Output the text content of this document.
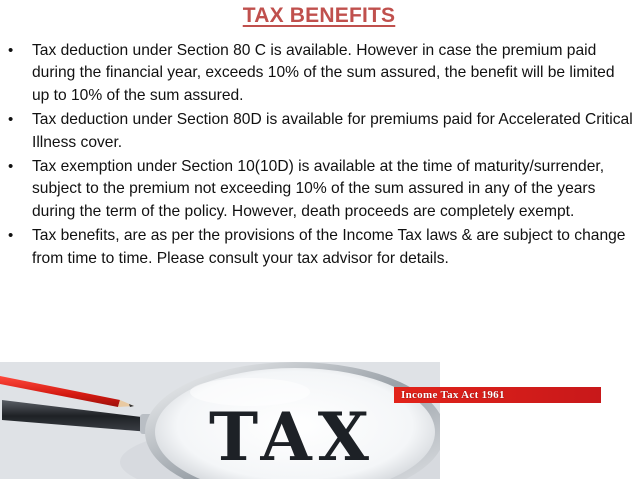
TAX BENEFITS
• Tax deduction under Section 80 C is available. However in case the premium paid during the financial year, exceeds 10% of the sum assured, the benefit will be limited up to 10% of the sum assured.
• Tax deduction under Section 80D is available for premiums paid for Accelerated Critical Illness cover.
• Tax exemption under Section 10(10D) is available at the time of maturity/surrender, subject to the premium not exceeding 10% of the sum assured in any of the years during the term of the policy. However, death proceeds are completely exempt.
• Tax benefits, are as per the provisions of the Income Tax laws & are subject to change from time to time. Please consult your tax advisor for details.
TAX
Income Tax Act 1961
